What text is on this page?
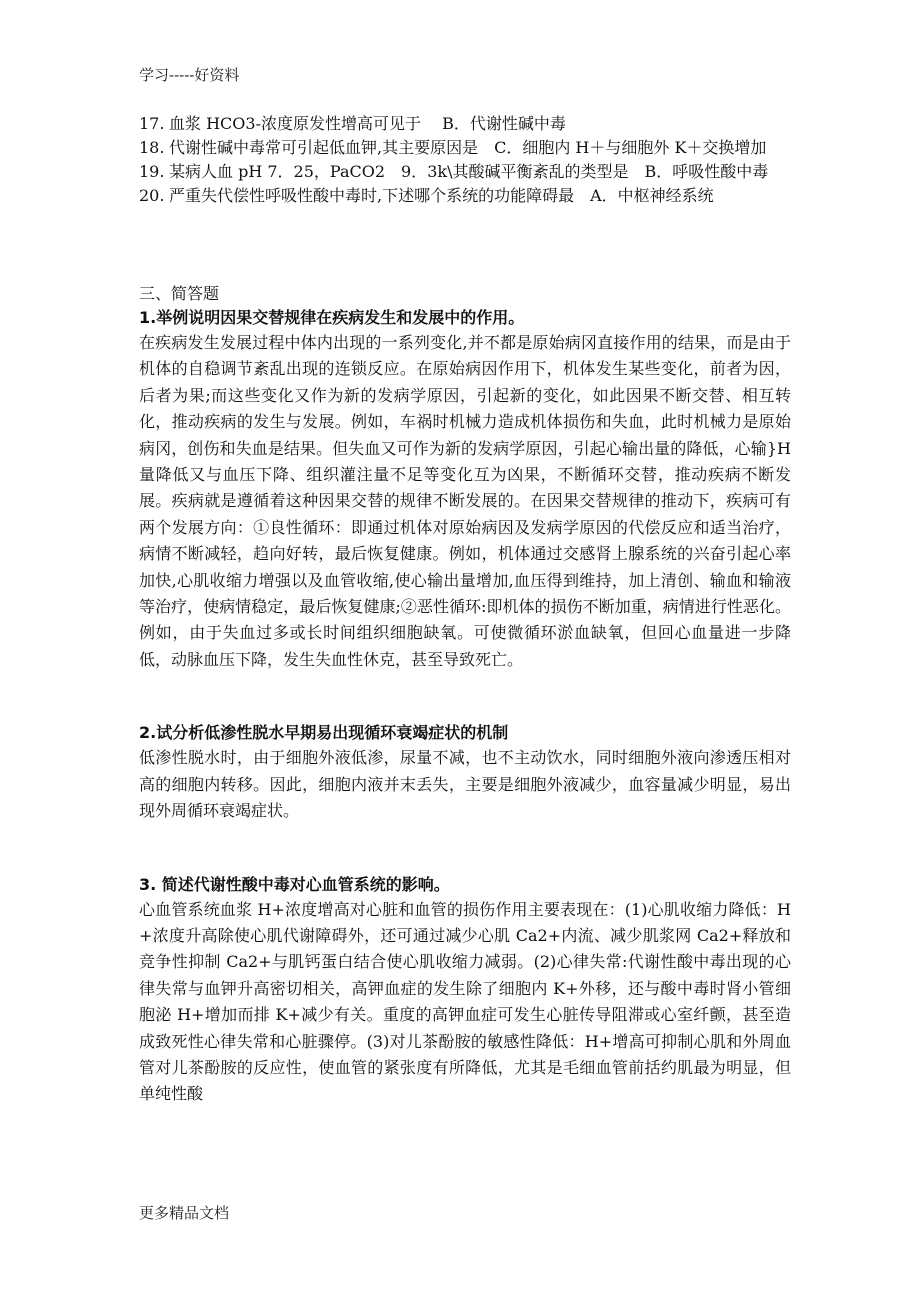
学习-----好资料
17. 血浆 HCO3-浓度原发性增高可见于　 B．代谢性碱中毒
18. 代谢性碱中毒常可引起低血钾,其主要原因是　C．细胞内 H＋与细胞外 K＋交换增加
19. 某病人血 pH 7．25，PaCO2　9．3k\其酸碱平衡紊乱的类型是　B．呼吸性酸中毒
20. 严重失代偿性呼吸性酸中毒时,下述哪个系统的功能障碍最　A．中枢神经系统
三、简答题
1.举例说明因果交替规律在疾病发生和发展中的作用。

在疾病发生发展过程中体内出现的一系列变化,并不都是原始病冈直接作用的结果，而是由于机体的自稳调节紊乱出现的连锁反应。在原始病因作用下，机体发生某些变化，前者为因，后者为果;而这些变化又作为新的发病学原因，引起新的变化，如此因果不断交替、相互转化，推动疾病的发生与发展。例如，车祸时机械力造成机体损伤和失血，此时机械力是原始病冈，创伤和失血是结果。但失血又可作为新的发病学原因，引起心输出量的降低，心输}H 量降低又与血压下降、组织灌注量不足等变化互为凶果，不断循环交替，推动疾病不断发展。疾病就是遵循着这种因果交替的规律不断发展的。在因果交替规律的推动下，疾病可有两个发展方向：①良性循环：即通过机体对原始病因及发病学原因的代偿反应和适当治疗，病情不断减轻，趋向好转，最后恢复健康。例如，机体通过交感肾上腺系统的兴奋引起心率加快,心肌收缩力增强以及血管收缩,使心输出量增加,血压得到维持，加上清创、输血和输液等治疗，使病情稳定，最后恢复健康;②恶性循环:即机体的损伤不断加重，病情进行性恶化。例如，由于失血过多或长时间组织细胞缺氧。可使微循环淤血缺氧，但回心血量进一步降低，动脉血压下降，发生失血性休克，甚至导致死亡。

2.试分析低渗性脱水早期易出现循环衰竭症状的机制

低渗性脱水时，由于细胞外液低渗，尿量不减，也不主动饮水，同时细胞外液向渗透压相对高的细胞内转移。因此，细胞内液并末丢失，主要是细胞外液减少，血容量减少明显，易出现外周循环衰竭症状。

3. 简述代谢性酸中毒对心血管系统的影响。

心血管系统血浆 H+浓度增高对心脏和血管的损伤作用主要表现在：(1)心肌收缩力降低：H+浓度升高除使心肌代谢障碍外，还可通过减少心肌 Ca2+内流、减少肌浆网 Ca2+释放和竞争性抑制 Ca2+与肌钙蛋白结合使心肌收缩力减弱。(2)心律失常:代谢性酸中毒出现的心律失常与血钾升高密切相关，高钾血症的发生除了细胞内 K+外移，还与酸中毒时肾小管细胞泌 H+增加而排 K+减少有关。重度的高钾血症可发生心脏传导阻滞或心室纤颤，甚至造成致死性心律失常和心脏骤停。(3)对儿茶酚胺的敏感性降低：H+增高可抑制心肌和外周血管对儿茶酚胺的反应性，使血管的紧张度有所降低，尤其是毛细血管前括约肌最为明显，但单纯性酸

更多精品文档
